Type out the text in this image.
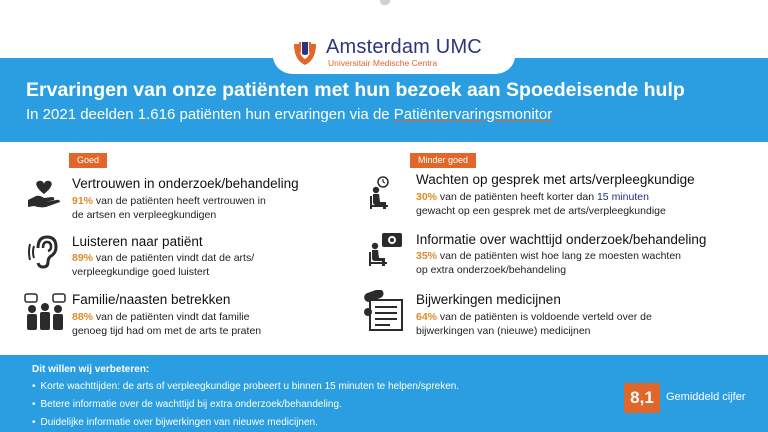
Amsterdam UMC
Universitair Medische Centra
Ervaringen van onze patiënten met hun bezoek aan Spoedeisende hulp
In 2021 deelden 1.616 patiënten hun ervaringen via de Patiëntervaringsmonitor
Goed	Minder goed
Vertrouwen in onderzoek/behandeling
91% van de patiënten heeft vertrouwen in
de artsen en verpleegkundigen
Luisteren naar patiënt
89% van de patiënten vindt dat de arts/
verpleegkundige goed luistert
Familie/naasten betrekken
88% van de patiënten vindt dat familie
genoeg tijd had om met de arts te praten
Wachten op gesprek met arts/verpleegkundige
30% van de patiënten heeft korter dan 15 minuten
gewacht op een gesprek met de arts/verpleegkundige
Informatie over wachttijd onderzoek/behandeling
35% van de patiënten wist hoe lang ze moesten wachten
op extra onderzoek/behandeling
Bijwerkingen medicijnen
64% van de patiënten is voldoende verteld over de
bijwerkingen van (nieuwe) medicijnen
Dit willen wij verbeteren:
• Korte wachttijden: de arts of verpleegkundige probeert u binnen 15 minuten te helpen/spreken.
• Betere informatie over de wachttijd bij extra onderzoek/behandeling.
• Duidelijke informatie over bijwerkingen van nieuwe medicijnen.
8,1	Gemiddeld cijfer
